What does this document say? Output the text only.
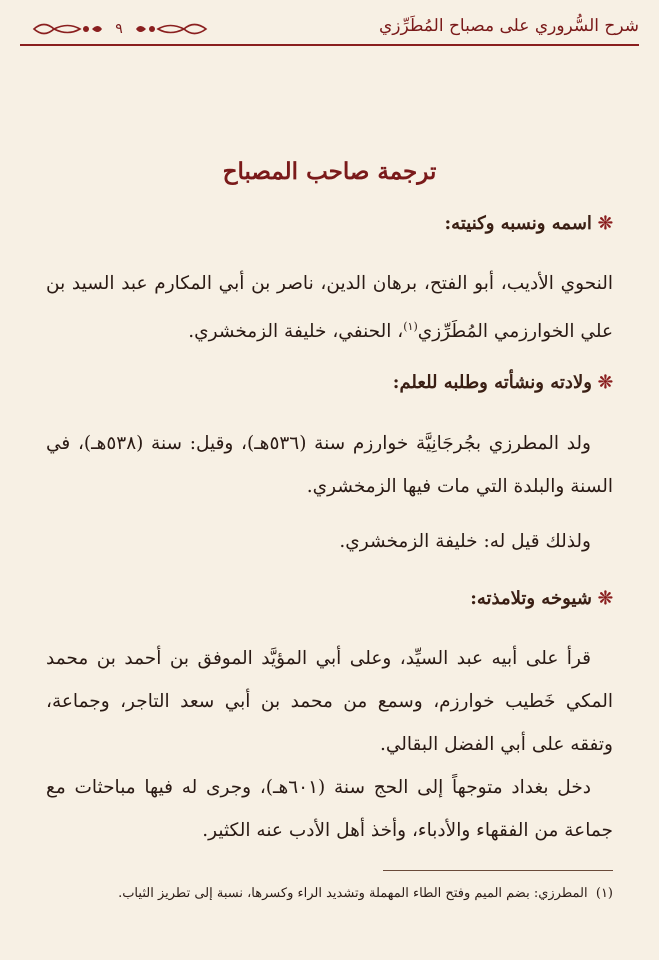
شرح السُّروري على مصباح المُطَرِّزي
٩
ترجمة صاحب المصباح
❊اسمه ونسبه وكنيته:
النحوي الأديب، أبو الفتح، برهان الدين، ناصر بن أبي المكارم عبد السيد بن علي الخوارزمي المُطَرِّزي$^{(١)}$، الحنفي، خليفة الزمخشري.
❊ولادته ونشأته وطلبه للعلم:
ولد المطرزي بجُرجَانِيَّة خوارزم سنة (٥٣٦هـ)، وقيل: سنة (٥٣٨هـ)، في السنة والبلدة التي مات فيها الزمخشري.
ولذلك قيل له: خليفة الزمخشري.
❊شيوخه وتلامذته:
قرأ على أبيه عبد السيِّد، وعلى أبي المؤيَّد الموفق بن أحمد بن محمد المكي خَطيب خوارزم، وسمع من محمد بن أبي سعد التاجر، وجماعة، وتفقه على أبي الفضل البقالي.
دخل بغداد متوجهاً إلى الحج سنة (٦٠١هـ)، وجرى له فيها مباحثات مع جماعة من الفقهاء والأدباء، وأخذ أهل الأدب عنه الكثير.
(١)  المطرزي: بضم الميم وفتح الطاء المهملة وتشديد الراء وكسرها، نسبة إلى تطريز الثياب.
